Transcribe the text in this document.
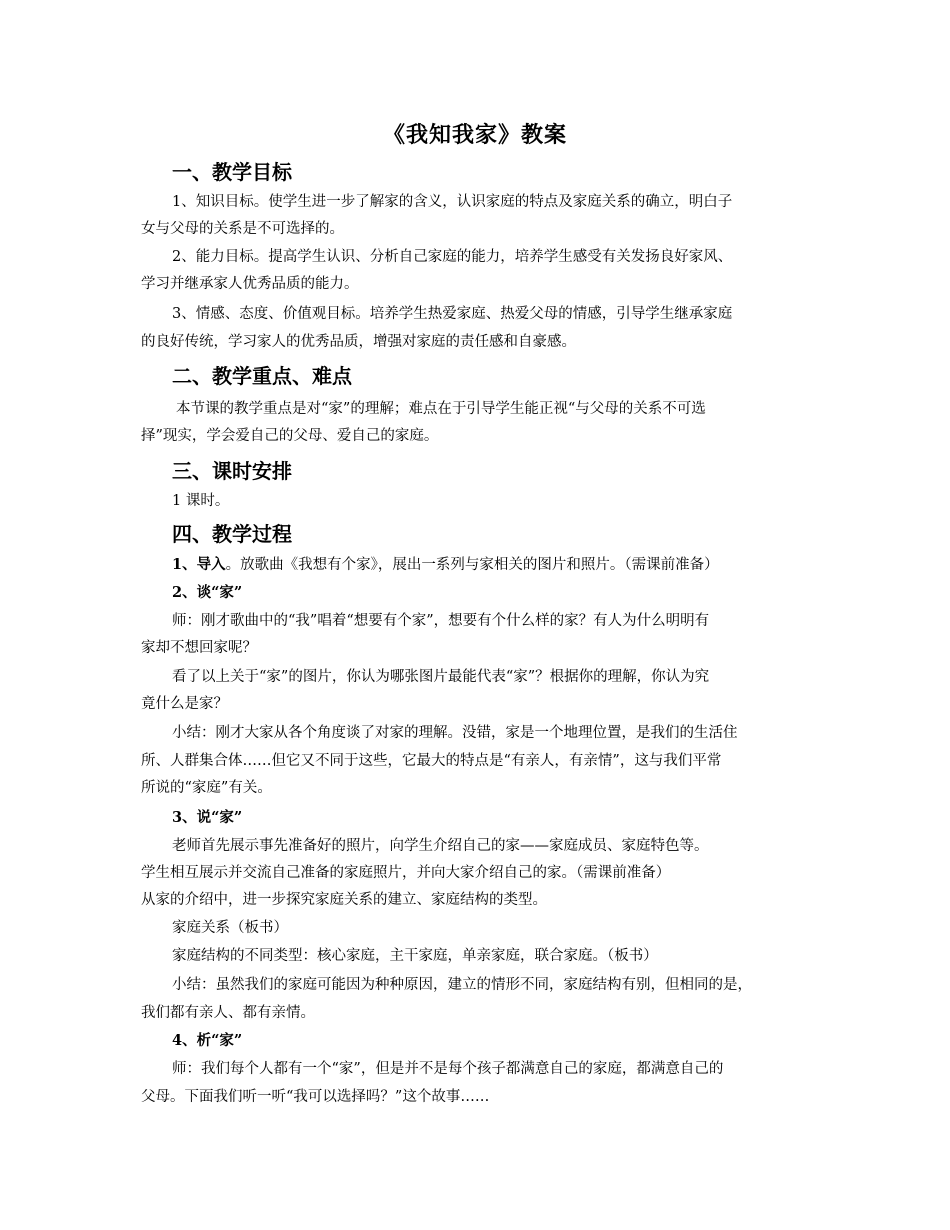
《我知我家》教案
一、教学目标
1、知识目标。使学生进一步了解家的含义，认识家庭的特点及家庭关系的确立，明白子
女与父母的关系是不可选择的。
2、能力目标。提高学生认识、分析自己家庭的能力，培养学生感受有关发扬良好家风、
学习并继承家人优秀品质的能力。
3、情感、态度、价值观目标。培养学生热爱家庭、热爱父母的情感，引导学生继承家庭
的良好传统，学习家人的优秀品质，增强对家庭的责任感和自豪感。
二、教学重点、难点
本节课的教学重点是对“家”的理解；难点在于引导学生能正视“与父母的关系不可选
择”现实，学会爱自己的父母、爱自己的家庭。
三、课时安排
1 课时。
四、教学过程
1、导入。放歌曲《我想有个家》，展出一系列与家相关的图片和照片。（需课前准备）
2、谈“家”
师：刚才歌曲中的“我”唱着“想要有个家”，想要有个什么样的家？有人为什么明明有
家却不想回家呢？
看了以上关于“家”的图片，你认为哪张图片最能代表“家”？根据你的理解，你认为究
竟什么是家？
小结：刚才大家从各个角度谈了对家的理解。没错，家是一个地理位置，是我们的生活住
所、人群集合体……但它又不同于这些，它最大的特点是“有亲人，有亲情”，这与我们平常
所说的“家庭”有关。
3、说“家”
老师首先展示事先准备好的照片，向学生介绍自己的家——家庭成员、家庭特色等。
学生相互展示并交流自己准备的家庭照片，并向大家介绍自己的家。（需课前准备）
从家的介绍中，进一步探究家庭关系的建立、家庭结构的类型。
家庭关系（板书）
家庭结构的不同类型：核心家庭，主干家庭，单亲家庭，联合家庭。（板书）
小结：虽然我们的家庭可能因为种种原因，建立的情形不同，家庭结构有别，但相同的是，
我们都有亲人、都有亲情。
4、析“家”
师：我们每个人都有一个“家”，但是并不是每个孩子都满意自己的家庭，都满意自己的
父母。下面我们听一听“我可以选择吗？”这个故事……
